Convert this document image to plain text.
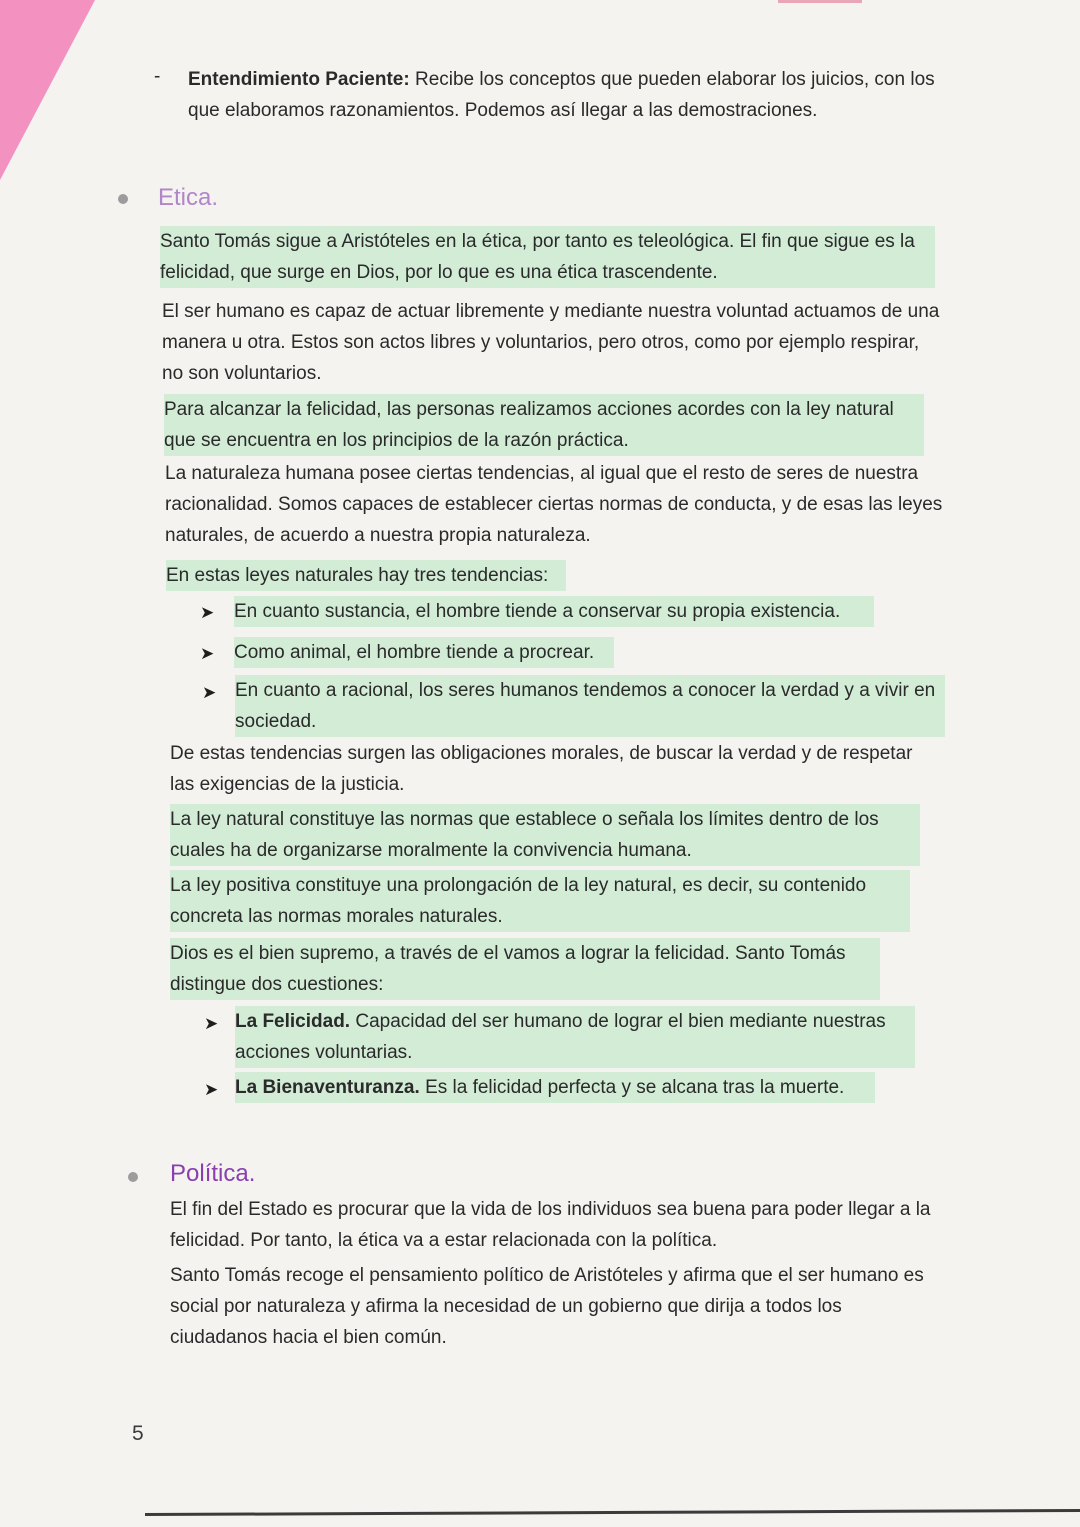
- Entendimiento Paciente: Recibe los conceptos que pueden elaborar los juicios, con los que elaboramos razonamientos. Podemos así llegar a las demostraciones.

Etica.

Santo Tomás sigue a Aristóteles en la ética, por tanto es teleológica. El fin que sigue es la felicidad, que surge en Dios, por lo que es una ética trascendente.

El ser humano es capaz de actuar libremente y mediante nuestra voluntad actuamos de una manera u otra. Estos son actos libres y voluntarios, pero otros, como por ejemplo respirar, no son voluntarios.

Para alcanzar la felicidad, las personas realizamos acciones acordes con la ley natural que se encuentra en los principios de la razón práctica.

La naturaleza humana posee ciertas tendencias, al igual que el resto de seres de nuestra racionalidad. Somos capaces de establecer ciertas normas de conducta, y de esas las leyes naturales, de acuerdo a nuestra propia naturaleza.

En estas leyes naturales hay tres tendencias:

➤ En cuanto sustancia, el hombre tiende a conservar su propia existencia.

➤ Como animal, el hombre tiende a procrear.

➤ En cuanto a racional, los seres humanos tendemos a conocer la verdad y a vivir en sociedad.

De estas tendencias surgen las obligaciones morales, de buscar la verdad y de respetar las exigencias de la justicia.

La ley natural constituye las normas que establece o señala los límites dentro de los cuales ha de organizarse moralmente la convivencia humana.

La ley positiva constituye una prolongación de la ley natural, es decir, su contenido concreta las normas morales naturales.

Dios es el bien supremo, a través de el vamos a lograr la felicidad. Santo Tomás distingue dos cuestiones:

➤ La Felicidad. Capacidad del ser humano de lograr el bien mediante nuestras acciones voluntarias.

➤ La Bienaventuranza. Es la felicidad perfecta y se alcana tras la muerte.

Política.

El fin del Estado es procurar que la vida de los individuos sea buena para poder llegar a la felicidad. Por tanto, la ética va a estar relacionada con la política.

Santo Tomás recoge el pensamiento político de Aristóteles y afirma que el ser humano es social por naturaleza y afirma la necesidad de un gobierno que dirija a todos los ciudadanos hacia el bien común.

5
